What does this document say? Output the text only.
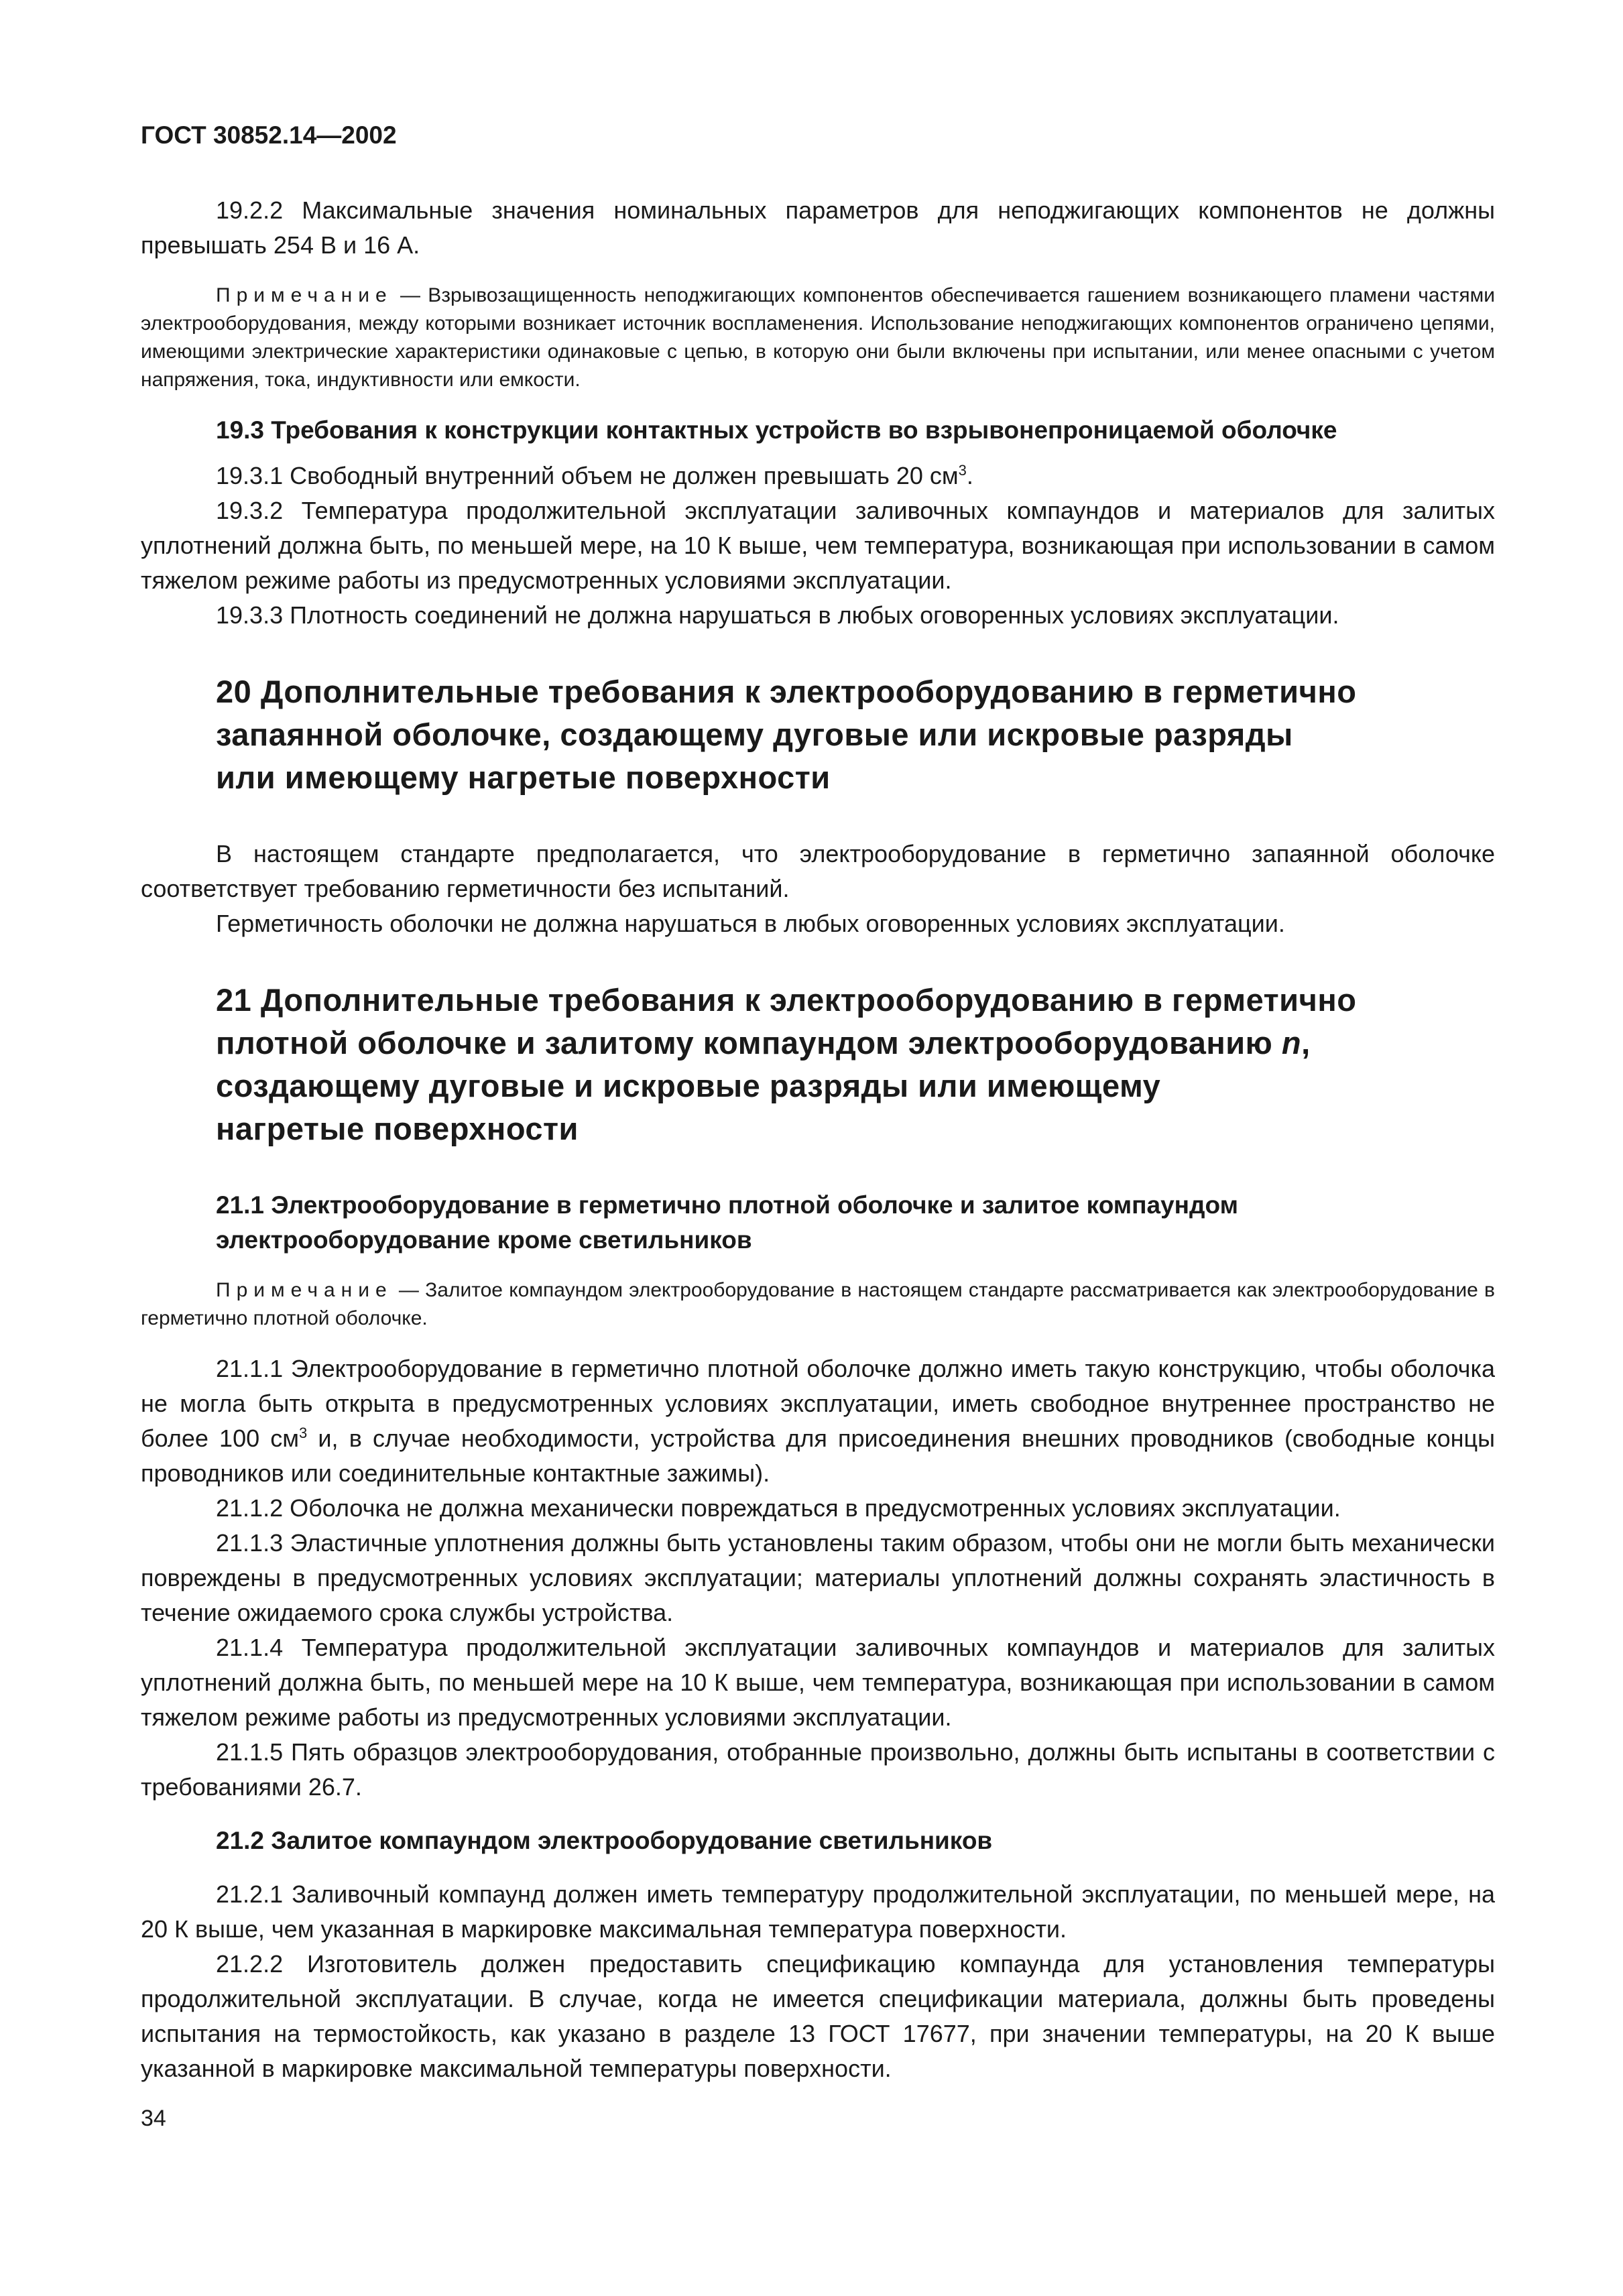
ГОСТ 30852.14—2002

19.2.2 Максимальные значения номинальных параметров для неподжигающих компонентов не должны превышать 254 В и 16 А.

Примечание — Взрывозащищенность неподжигающих компонентов обеспечивается гашением возникающего пламени частями электрооборудования, между которыми возникает источник воспламенения. Использование неподжигающих компонентов ограничено цепями, имеющими электрические характеристики одинаковые с цепью, в которую они были включены при испытании, или менее опасными с учетом напряжения, тока, индуктивности или емкости.

19.3 Требования к конструкции контактных устройств во взрывонепроницаемой оболочке

19.3.1 Свободный внутренний объем не должен превышать 20 $см^3$.

19.3.2 Температура продолжительной эксплуатации заливочных компаундов и материалов для залитых уплотнений должна быть, по меньшей мере, на 10 К выше, чем температура, возникающая при использовании в самом тяжелом режиме работы из предусмотренных условиями эксплуатации.

19.3.3 Плотность соединений не должна нарушаться в любых оговоренных условиях эксплуатации.

20 Дополнительные требования к электрооборудованию в герметично
запаянной оболочке, создающему дуговые или искровые разряды
или имеющему нагретые поверхности

В настоящем стандарте предполагается, что электрооборудование в герметично запаянной оболочке соответствует требованию герметичности без испытаний.

Герметичность оболочки не должна нарушаться в любых оговоренных условиях эксплуатации.

21 Дополнительные требования к электрооборудованию в герметично
плотной оболочке и залитому компаундом электрооборудованию n,
создающему дуговые и искровые разряды или имеющему
нагретые поверхности
21.1 Электрооборудование в герметично плотной оболочке и залитое компаундом
электрооборудование кроме светильников

Примечание — Залитое компаундом электрооборудование в настоящем стандарте рассматривается как электрооборудование в герметично плотной оболочке.

21.1.1 Электрооборудование в герметично плотной оболочке должно иметь такую конструкцию, чтобы оболочка не могла быть открыта в предусмотренных условиях эксплуатации, иметь свободное внутреннее пространство не более 100 $см^3$ и, в случае необходимости, устройства для присоединения внешних проводников (свободные концы проводников или соединительные контактные зажимы).

21.1.2 Оболочка не должна механически повреждаться в предусмотренных условиях эксплуатации.

21.1.3 Эластичные уплотнения должны быть установлены таким образом, чтобы они не могли быть механически повреждены в предусмотренных условиях эксплуатации; материалы уплотнений должны сохранять эластичность в течение ожидаемого срока службы устройства.

21.1.4 Температура продолжительной эксплуатации заливочных компаундов и материалов для залитых уплотнений должна быть, по меньшей мере на 10 К выше, чем температура, возникающая при использовании в самом тяжелом режиме работы из предусмотренных условиями эксплуатации.

21.1.5 Пять образцов электрооборудования, отобранные произвольно, должны быть испытаны в соответствии с требованиями 26.7.

21.2 Залитое компаундом электрооборудование светильников

21.2.1 Заливочный компаунд должен иметь температуру продолжительной эксплуатации, по меньшей мере, на 20 К выше, чем указанная в маркировке максимальная температура поверхности.

21.2.2 Изготовитель должен предоставить спецификацию компаунда для установления температуры продолжительной эксплуатации. В случае, когда не имеется спецификации материала, должны быть проведены испытания на термостойкость, как указано в разделе 13 ГОСТ 17677, при значении температуры, на 20 К выше указанной в маркировке максимальной температуры поверхности.

34
